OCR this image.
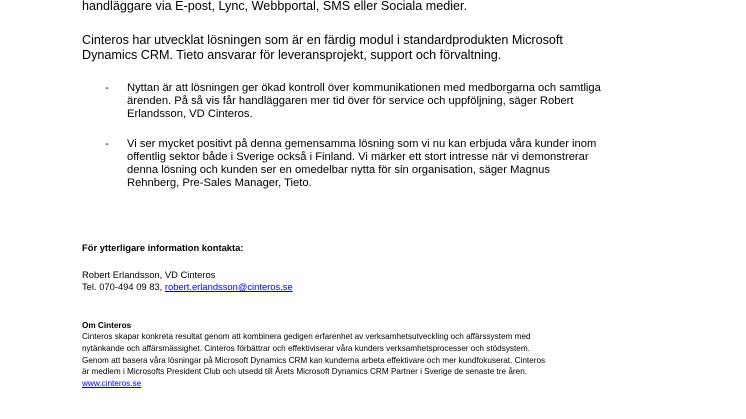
handläggare via E-post, Lync, Webbportal, SMS eller Sociala medier.
Cinteros har utvecklat lösningen som är en färdig modul i standardprodukten Microsoft
Dynamics CRM. Tieto ansvarar för leveransprojekt, support och förvaltning.
- Nyttan är att lösningen ger ökad kontroll över kommunikationen med medborgarna och samtliga
ärenden. På så vis får handläggaren mer tid över för service och uppföljning, säger Robert
Erlandsson, VD Cinteros.
- Vi ser mycket positivt på denna gemensamma lösning som vi nu kan erbjuda våra kunder inom
offentlig sektor både i Sverige också i Finland. Vi märker ett stort intresse när vi demonstrerar
denna lösning och kunden ser en omedelbar nytta för sin organisation, säger Magnus
Rehnberg, Pre-Sales Manager, Tieto.
För ytterligare information kontakta:
Robert Erlandsson, VD Cinteros
Tel. 070-494 09 83, robert.erlandsson@cinteros.se
Om Cinteros
Cinteros skapar konkreta resultat genom att kombinera gedigen erfarenhet av verksamhetsutveckling och affärssystem med
nytänkande och affärsmässighet. Cinteros förbättrar och effektiviserar våra kunders verksamhetsprocesser och stödsystem.
Genom att basera våra lösningar på Microsoft Dynamics CRM kan kunderna arbeta effektivare och mer kundfokuserat. Cinteros
är medlem i Microsofts President Club och utsedd till Årets Microsoft Dynamics CRM Partner i Sverige de senaste tre åren.
www.cinteros.se
